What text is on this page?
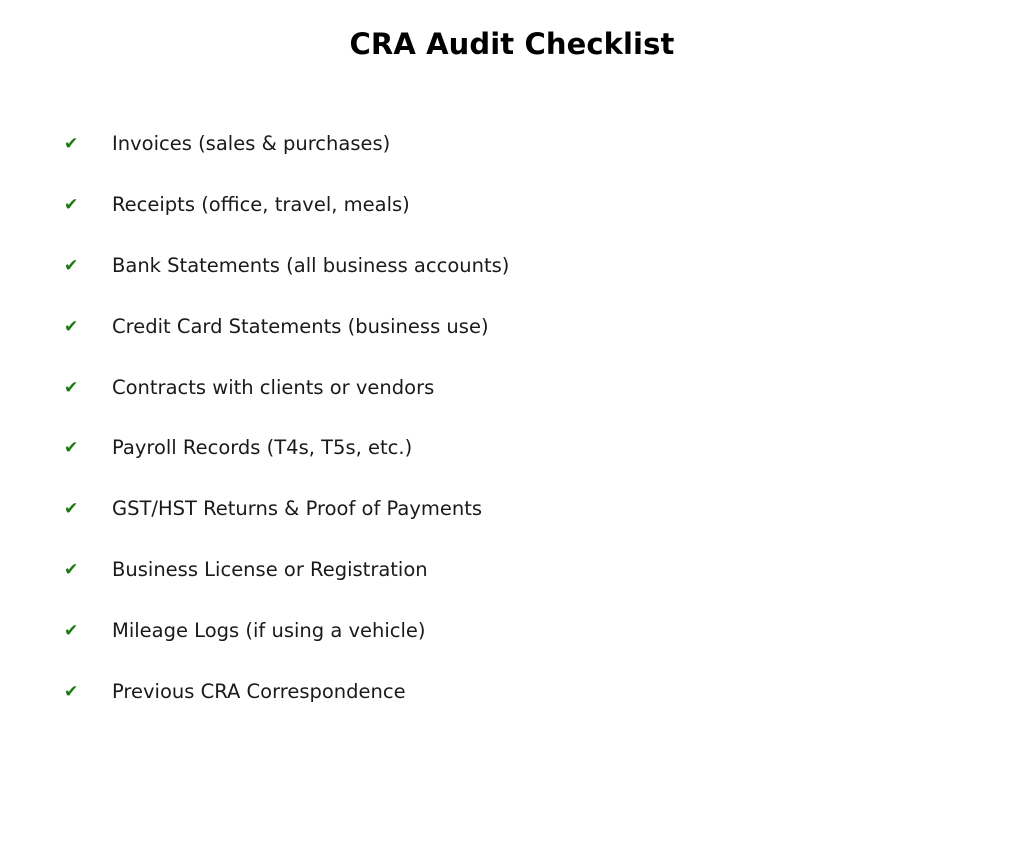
CRA Audit Checklist
✔ Invoices (sales & purchases)
✔ Receipts (office, travel, meals)
✔ Bank Statements (all business accounts)
✔ Credit Card Statements (business use)
✔ Contracts with clients or vendors
✔ Payroll Records (T4s, T5s, etc.)
✔ GST/HST Returns & Proof of Payments
✔ Business License or Registration
✔ Mileage Logs (if using a vehicle)
✔ Previous CRA Correspondence
